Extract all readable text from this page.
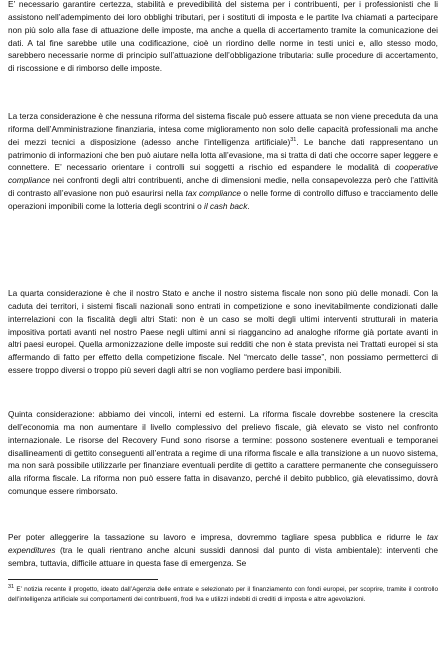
E’ necessario garantire certezza, stabilità e prevedibilità del sistema per i contribuenti, per i professionisti che li assistono nell’adempimento dei loro obblighi tributari, per i sostituti di imposta e le partite Iva chiamati a partecipare non più solo alla fase di attuazione delle imposte, ma anche a quella di accertamento tramite la comunicazione dei dati. A tal fine sarebbe utile una codificazione, cioè un riordino delle norme in testi unici e, allo stesso modo, sarebbero necessarie norme di principio sull’attuazione dell’obbligazione tributaria: sulle procedure di accertamento, di riscossione e di rimborso delle imposte.

La terza considerazione è che nessuna riforma del sistema fiscale può essere attuata se non viene preceduta da una riforma dell’Amministrazione finanziaria, intesa come miglioramento non solo delle capacità professionali ma anche dei mezzi tecnici a disposizione (adesso anche l’intelligenza artificiale)$^{31}$. Le banche dati rappresentano un patrimonio di informazioni che ben può aiutare nella lotta all’evasione, ma si tratta di dati che occorre saper leggere e connettere. E’ necessario orientare i controlli sui soggetti a rischio ed espandere le modalità di cooperative compliance nei confronti degli altri contribuenti, anche di dimensioni medie, nella consapevolezza però che l’attività di contrasto all’evasione non può esaurirsi nella tax compliance o nelle forme di controllo diffuso e tracciamento delle operazioni imponibili come la lotteria degli scontrini o il cash back.

La quarta considerazione è che il nostro Stato e anche il nostro sistema fiscale non sono più delle monadi. Con la caduta dei territori, i sistemi fiscali nazionali sono entrati in competizione e sono inevitabilmente condizionati dalle interrelazioni con la fiscalità degli altri Stati: non è un caso se molti degli ultimi interventi strutturali in materia impositiva portati avanti nel nostro Paese negli ultimi anni si riaggancino ad analoghe riforme già portate avanti in altri paesi europei. Quella armonizzazione delle imposte sui redditi che non è stata prevista nei Trattati europei si sta affermando di fatto per effetto della competizione fiscale. Nel “mercato delle tasse”, non possiamo permetterci di essere troppo diversi o troppo più severi dagli altri se non vogliamo perdere basi imponibili.

Quinta considerazione: abbiamo dei vincoli, interni ed esterni. La riforma fiscale dovrebbe sostenere la crescita dell’economia ma non aumentare il livello complessivo del prelievo fiscale, già elevato se visto nel confronto internazionale. Le risorse del Recovery Fund sono risorse a termine: possono sostenere eventuali e temporanei disallineamenti di gettito conseguenti all’entrata a regime di una riforma fiscale e alla transizione a un nuovo sistema, ma non sarà possibile utilizzarle per finanziare eventuali perdite di gettito a carattere permanente che conseguissero alla riforma fiscale. La riforma non può essere fatta in disavanzo, perché il debito pubblico, già elevatissimo, dovrà comunque essere rimborsato.

Per poter alleggerire la tassazione su lavoro e impresa, dovremmo tagliare spesa pubblica e ridurre le tax expenditures (tra le quali rientrano anche alcuni sussidi dannosi dal punto di vista ambientale): interventi che sembra, tuttavia, difficile attuare in questa fase di emergenza. Se

$^{31}$ E’ notizia recente il progetto, ideato dall’Agenzia delle entrate e selezionato per il finanziamento con fondi europei, per scoprire, tramite il controllo dell’intelligenza artificiale sui comportamenti dei contribuenti, frodi Iva e utilizzi indebiti di crediti di imposta e altre agevolazioni.
